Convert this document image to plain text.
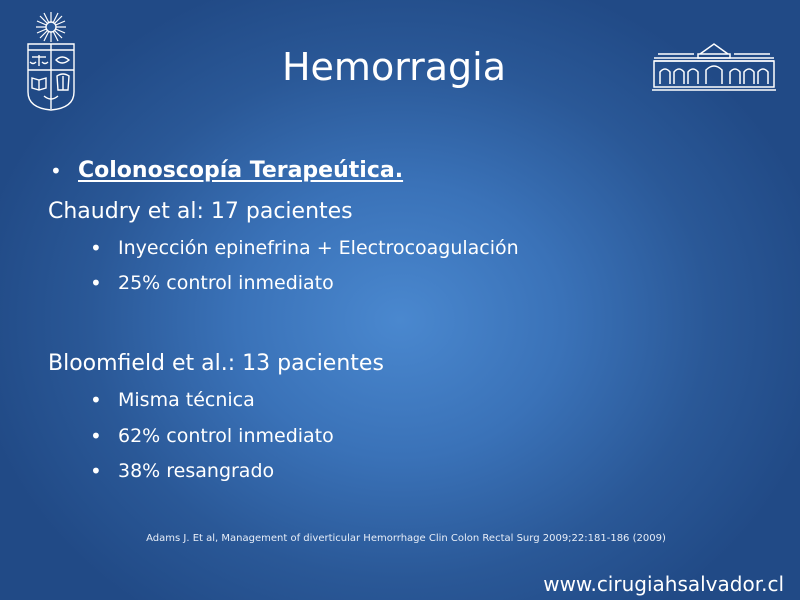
Hemorragia
• Colonoscopía Terapeútica.
Chaudry et al: 17 pacientes
• Inyección epinefrina + Electrocoagulación
• 25% control inmediato
Bloomfield et al.: 13 pacientes
• Misma técnica
• 62% control inmediato
• 38% resangrado
Adams J. Et al, Management of diverticular Hemorrhage Clin Colon Rectal Surg 2009;22:181-186 (2009)
www.cirugiahsalvador.cl
